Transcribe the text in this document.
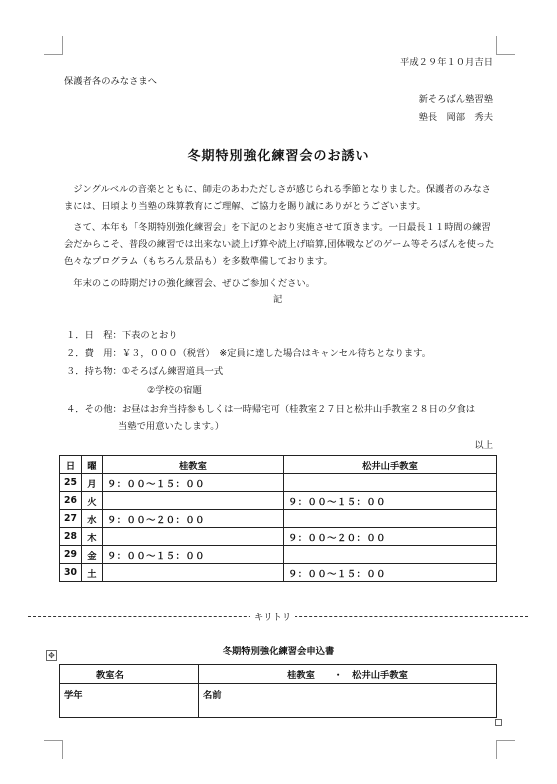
平成２９年１０月吉日
保護者各のみなさまへ
新そろばん塾習塾
塾長　岡部　秀夫
冬期特別強化練習会のお誘い
ジングルベルの音楽とともに、師走のあわただしさが感じられる季節となりました。保護者のみなさまには、日頃より当塾の珠算教育にご理解、ご協力を賜り誠にありがとうございます。
さて、本年も「冬期特別強化練習会」を下記のとおり実施させて頂きます。一日最長１１時間の練習会だからこそ、普段の練習では出来ない読上げ算や読上げ暗算,団体戦などのゲーム等そろばんを使った色々なプログラム（もちろん景品も）を多数準備しております。
年末のこの時期だけの強化練習会、ぜひご参加ください。
記
１．日　程：下表のとおり
２．費　用：￥３，０００（税営）　※定員に達した場合はキャンセル待ちとなります。
３．持ち物：①そろばん練習道具一式
②学校の宿題
４．その他：お昼はお弁当持参もしくは一時帰宅可（桂教室２７日と松井山手教室２８日の夕食は
当塾で用意いたします。）
以上
日	曜	桂教室	松井山手教室
25	月	９：００～１５：００	
26	火		９：００～１５：００
27	水	９：００～２０：００	
28	木		９：００～２０：００
29	金	９：００～１５：００	
30	土		９：００～１５：００
キリトリ
冬期特別強化練習会申込書
✥
教室名	桂教室　　・　松井山手教室
学年	名前
